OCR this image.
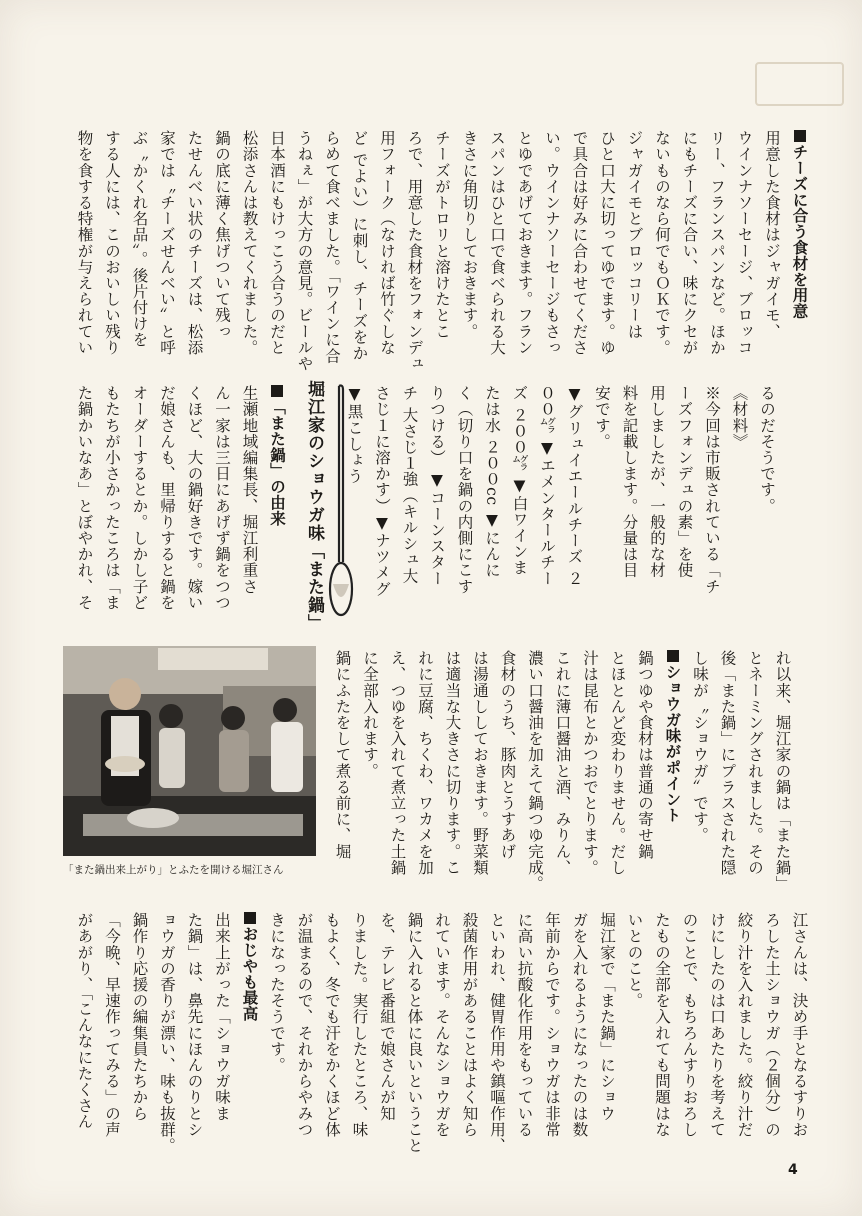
チーズに合う食材を用意
用意した食材はジャガイモ、
ウインナソーセージ、ブロッコ
リー、フランスパンなど。ほか
にもチーズに合い、味にクセが
ないものなら何でもＯＫです。
ジャガイモとブロッコリーは
ひと口大に切ってゆでます。ゆ
で具合は好みに合わせてくださ
い。ウインナソーセージもさっ
とゆであげておきます。フラン
スパンはひと口で食べられる大
きさに角切りしておきます。
チーズがトロリと溶けたとこ
ろで、用意した食材をフォンデュ
用フォーク（なければ竹ぐしな
ど でよい）に刺し、チーズをか
らめて食べました。「ワインに合
うねぇ」が大方の意見。ビールや
日本酒にもけっこう合うのだと
松添さんは教えてくれました。
鍋の底に薄く焦げついて残っ
たせんべい状のチーズは、松添
家では〝チーズせんべい〟と呼
ぶ〝かくれ名品〟。後片付けを
する人には、このおいしい残り
物を食する特権が与えられてい
るのだそうです。
《材料》
※今回は市販されている「チ
ーズフォンデュの素」を使
用しましたが、一般的な材
料を記載します。分量は目
安です。
▼グリュイエールチーズ ２
００㌘ ▼エメンタールチー
ズ ２００㌘ ▼白ワインま
たは水 ２００cc ▼にんに
く（切り口を鍋の内側にこす
りつける） ▼コーンスター
チ 大さじ１強（キルシュ大
さじ１に溶かす）▼ナツメグ
▼黒こしょう
堀江家のショウガ味「また鍋」
「また鍋」の由来
生瀬地域編集長、堀江利重さ
ん一家は三日にあげず鍋をつつ
くほど、大の鍋好きです。嫁い
だ娘さんも、里帰りすると鍋を
オーダーするとか。しかし子ど
もたちが小さかったころは「ま
た鍋かいなあ」とぼやかれ、そ
「また鍋出来上がり」とふたを開ける堀江さん	れ以来、堀江家の鍋は「また鍋」
とネーミングされました。その
後「また鍋」にプラスされた隠
し味が〝ショウガ〟です。
ショウガ味がポイント
鍋つゆや食材は普通の寄せ鍋
とほとんど変わりません。だし
汁は昆布とかつおでとります。
これに薄口醤油と酒、みりん、
濃い口醤油を加えて鍋つゆ完成。
食材のうち、豚肉とうすあげ
は湯通ししておきます。野菜類
は適当な大きさに切ります。こ
れに豆腐、ちくわ、ワカメを加
え、つゆを入れて煮立った土鍋
に全部入れます。
鍋にふたをして煮る前に、堀
江さんは、決め手となるすりお
ろした土ショウガ（２個分）の
絞り汁を入れました。絞り汁だ
けにしたのは口あたりを考えて
のことで、もちろんすりおろし
たもの全部を入れても問題はな
いとのこと。
堀江家で「また鍋」にショウ
ガを入れるようになったのは数
年前からです。ショウガは非常
に高い抗酸化作用をもっている
といわれ、健胃作用や鎮嘔作用、
殺菌作用があることはよく知ら
れています。そんなショウガを
鍋に入れると体に良いということ
を、テレビ番組で娘さんが知
りました。実行したところ、味
もよく、冬でも汗をかくほど体
が温まるので、それからやみつ
きになったそうです。
おじやも最高
出来上がった「ショウガ味ま
た鍋」は、鼻先にほんのりとシ
ョウガの香りが漂い、味も抜群。
鍋作り応援の編集員たちから
「今晩、早速作ってみる」の声
があがり、「こんなにたくさん
4
